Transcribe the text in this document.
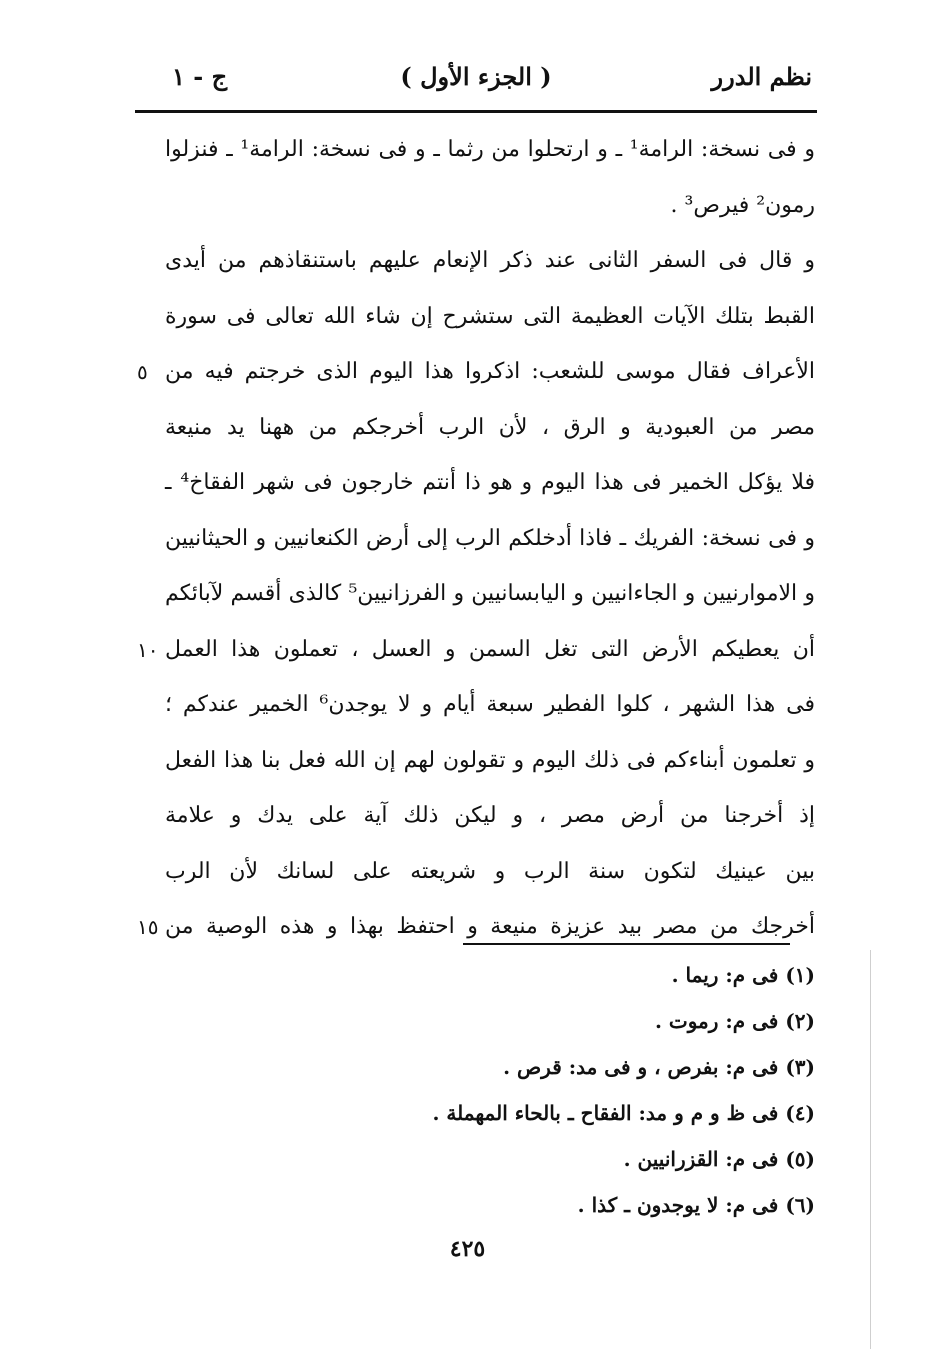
نظم الدرر
( الجزء الأول )
ج - ١
و فى نسخة: الرامة¹ ـ و ارتحلوا من رثما ـ و فى نسخة: الرامة¹ ـ فنزلوا
رمون² فيرص³ .
و قال فى السفر الثانى عند ذكر الإنعام عليهم باستنقاذهم من أيدى
القبط بتلك الآيات العظيمة التى ستشرح إن شاء الله تعالى فى سورة
الأعراف فقال موسى للشعب: اذكروا هذا اليوم الذى خرجتم فيه من
٥
مصر من العبودية و الرق ، لأن الرب أخرجكم من ههنا يد منيعة
فلا يؤكل الخمير فى هذا اليوم و هو ذا أنتم خارجون فى شهر الفقاخ⁴ ـ
و فى نسخة: الفريك ـ فاذا أدخلكم الرب إلى أرض الكنعانيين و الحيثانيين
و الاموارنيين و الجاءانيين و اليابسانيين و الفرزانيين⁵ كالذى أقسم لآبائكم
أن يعطيكم الأرض التى تغل السمن و العسل ، تعملون هذا العمل
١٠
فى هذا الشهر ، كلوا الفطير سبعة أيام و لا يوجدن⁶ الخمير عندكم ؛
و تعلمون أبناءكم فى ذلك اليوم و تقولون لهم إن الله فعل بنا هذا الفعل
إذ أخرجنا من أرض مصر ، و ليكن ذلك آية على يدك و علامة
بين عينيك لتكون سنة الرب و شريعته على لسانك لأن الرب
أخرجك من مصر بيد عزيزة منيعة و احتفظ بهذا و هذه الوصية من
١٥
(١) فى م: ريما .
(٢) فى م: رموت .
(٣) فى م: بفرص ، و فى مد: قرص .
(٤) فى ظ و م و مد: الفقاح ـ بالحاء المهملة .
(٥) فى م: القزرانيين .
(٦) فى م: لا يوجدون ـ كذا .
٤٢٥
